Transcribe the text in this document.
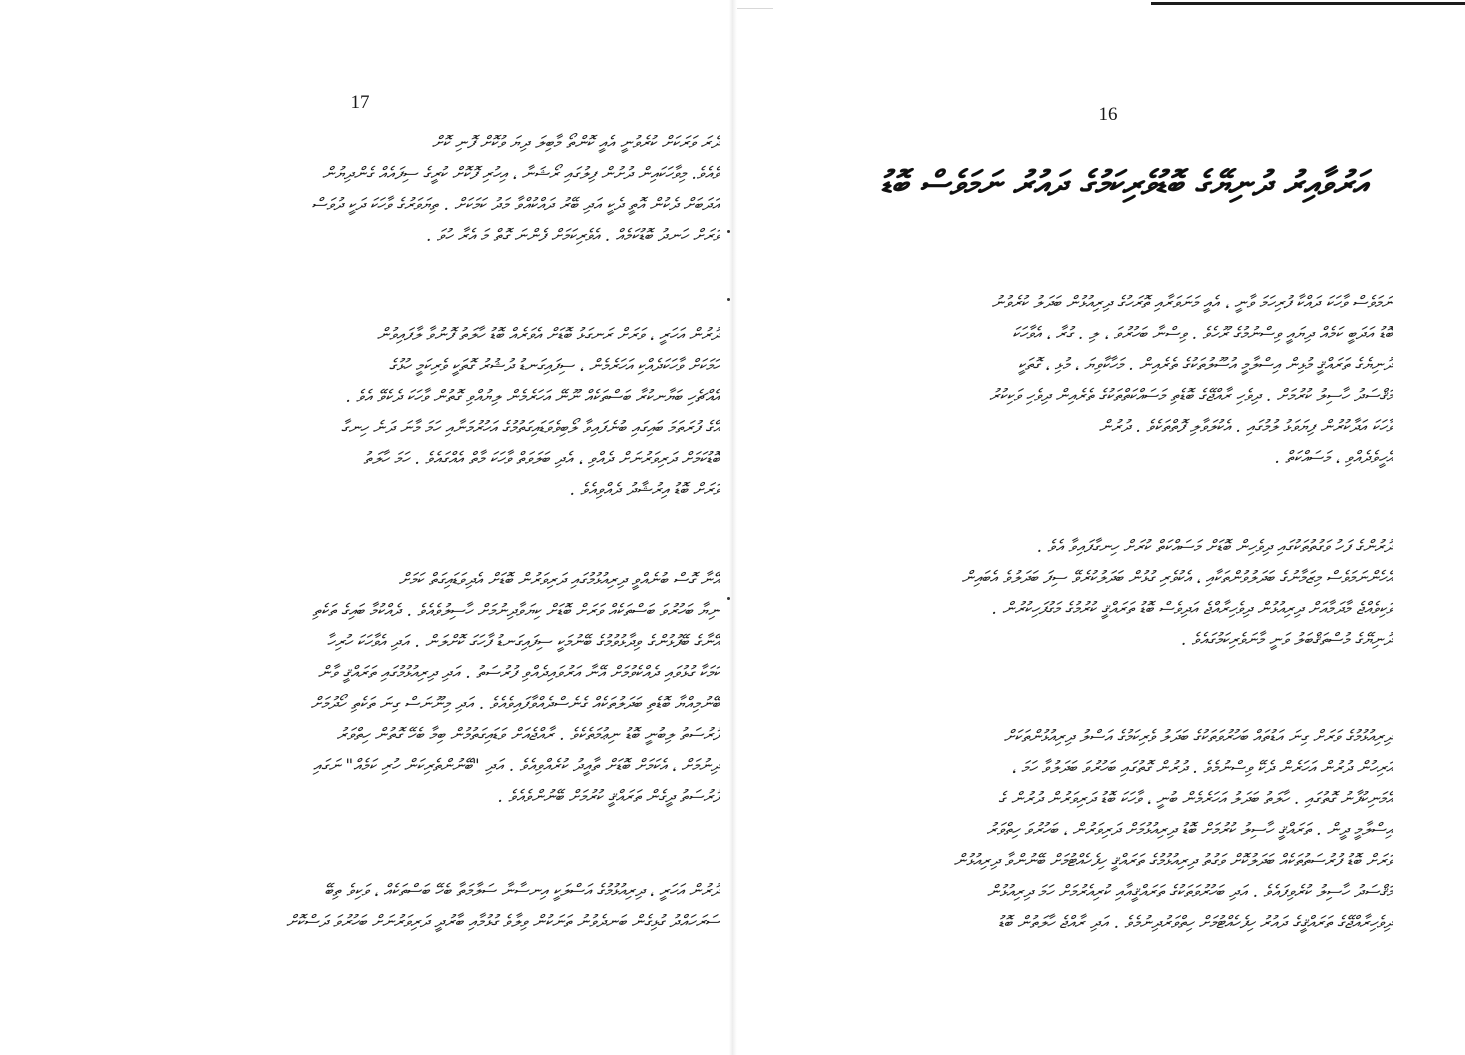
17
ދެރަ ވަރަކަށް ކުރެވުނީ އެއީ ކޮންތޯ މާބިލަ ދިޔަ ވުކޮށް ފޮނި ކޮށް
ވެއެވެ. މިވާހަކައިން ދުށުން ފިލުގައި ރޯޝަނާ ، އިހުރި ފޮކޮށް ކުރީގެ ސިފައެއް ގެންދިޔުން
އަދަބަށް ދެކުން އޮތީ ދެކީ އަދި ބޭރު ދައްކުއްވާ މަދު ކަމަކަށް . ތިޔަވަރުގެ ވާހަކަ ދަކީ ދުވަސް
ވަރަށް ހަނދު ބޮޑުކަމެއް . އެވެރިކަމަށް ފެންނަ ގޮތް މަ އެރާ ހުވަ .
ދުރުން އަހަރީ ، ވަރަށް ރަނގަޅު ބޮޑަށް އެވަރެއް ބޮޑު ހާލަތު ފޮނުވާ ލާފައިވުން
ހަމަކަށް ވާހަކަދެއްކި އަހަރެމެން ، ސިފައިގަނޑު ދުޝުރު ގޮތަކީ ވެރިކަމީ ހުޅުގެ
އެއްޗެހި ބަޔާނކުރާ ބަސްތަކެއް ނޫނޭ އަހަރެމެން ލިޔުއްވި ގޮތުން ވާހަކަ ދެކެވޭ އެވެ .
އޭގެ ފުރަތަމަ ބައިގައި ބުނެފައިވާ ލޯބިވެވަޑައިގަތުމުގެ އަހުރުމަނާއި ހަމަ މާނަ ދަނެ ހިނގާ
ބޮޑުކަމަށް ދަރިވަރުނަށް ދެއްވި ، އެދި ބަލަވަތް ވާހަކަ މާތް އެއްގައެވެ . ހަމަ ހާލަތު
ވަރަށް ބޮޑު އިރުޝާދު ދެއްވިއެވެ .
އޭނާ ގޮސް ބުނެއްވީ ދިރިއުޅުމުގައި ދަރިވަރުން ބޮޑަށް އެދިވަޑައިގަތް ކަމަށް
ނިޔާ ބަހުރުވަ ބަސްތަކެއް ވަރަށް ބޮޑަށް ކިޔަވާދިނުމަށް ހާސިލުވެއެވެ . ދެއްކުމާ ބައިގެ ތަކެތި
އޭނާގެ ބޭފުޅުންގެ ވިދާޅުވުމުގެ ބޭނުމަކީ ސިފައިގަނޑު ފާހަގަ ކޮށްލަން . އަދި އެވާހަކަ ހުރިހާ
ކަމަކާ ގުޅުވައި ދެއްކެވުމަށް އޭނާ އަރުވައިދެއްވި ފުރުސަތު . އަދި ދިރިއުޅުމުގައި ތަރައްޤީ ވާން
ބޭނުމިއްޔާ ބޮޑެތި ބަދަލުތަކެއް ގެނެސްދެއްވާފައިވެއެވެ . އަދި މިނޫނަސް ގިނަ ތަކެތި ހޯދުމަށް
ފުރުސަތު ލިބުނީ ބޮޑު ނިޢުމަތެކެވެ . ރާއްޖެއަށް ވަޑައިގަތުމުން ބިމާ ބެހޭ ގޮތުން ހިތްވަރު
ދިނުމަށް ، އެކަމަށް ބޮޑަށް ތާއީދު ކުރެއްވިއެވެ . އަދި "ބޭނުންތެރިކަން ހުރި ކަމެއް" ނަގައި
ފުރުސަތު ދީގެން ތަރައްޤީ ކުރުމަށް ބޭނުންވެއެވެ .
ދުރުން އަހަރީ ، ދިރިއުޅުމުގެ އަސްލަކީ އިނސާނާ ސަލާމަތާ ބެހޭ ބަސްތަކެއް ، ވަކިވެ ތިބޭ
ސަރަހައްދު ގުޅިގެން ބަނދެވުނު ތަނަކުން ވިލާވެ ގުޅުމާއި ބާރުދީ ދަރިވަރުނަށް ބަހުރުވަ ދަސްކޮށް
16
އަރުވާއިރު ދުނިޔޭގެ ބޮޑުވެރިކަމުގެ ދައުރު ނަމަވެސް ބޮޑު
ނަމަވެސް ވާހަކަ ދައްކާ ފުރިހަމަ ވާނީ ، އެއީ މަނަވަރާއި ތޮރަހުގެ ދިރިއުޅުން ބަދަލު ކުރެވުނު
ބޮޑު އަދަބީ ކަމެއް ދިޔައީ ވިސްނުމުގެ ރޫހެވެ . ވިސްނާ ބަހުރުވަ ، ލި . ގުރާ ، އެވާހަކަ
ދުނިޔެގެ ތަރައްޤީ މުޅިން އިސްލާމީ އުސޫލުތަކުގެ ތެރެއިން . މަހާކާވިޔަ ، މުޅި ، ގޮތަކީ
މަޤްސަދު ހާސިލު ކުރުމަށް . ދިވެހި ރާއްޖޭގެ ބޮޑެތި މަސައްކަތްތަކުގެ ތެރެއިން ދިވެހި ވަކިކުރު
ވާހަކަ އަދާކުރުން ފިޔަވަޅު ލުމުގައި . އެކުލަވާލި ފޮތްތަކެވެ . ދުރުން
އެހީވެދެއްވި ، މަސައްކަތް .
ދުރުންގެ ފަހު ވަގުތުތަކުގައި ދިވެހިން ބޮޑަށް މަސައްކަތް ކުރަށް ހިނގާފައިވާ އެވެ .
އެހެންނަމަވެސް މިޒަމާނުގެ ބަދަލުވުންތަކާއި ، އެކުވެރި ގުޅުން ބަދަލުކުރެވޭ ސިފަ ބަދަލުވެ އެބައިން
ވަކިވެއްޖެ މާދަމާއަށް ދިރިއުޅުން ދިވެހިރާއްޖެ އަދިވެސް ބޮޑު ތަރައްޤީ ކުރުމުގެ މަގުފަހިކުރުން .
ދުނިޔޭގެ މުސްތަޤްބަލު ވަނީ މާނަވެރިކަމުގައެވެ .
ދިރިއުޅުމުގެ ވަރަށް ގިނަ އަޑުތައް ބަހުރުވަތަކުގެ ބަދަލު ވެރިކަމުގެ އަސްލު ދިރިއުޅުންތަކަށް
އަރިހުން ދުރުން އަހަރެން ދެކޭ ވިސްނުމެވެ . ދުރުން ގޮތުގައި ބަހުރުވަ ބަދަލުވާ ހަމަ ،
އެމަނިކުފާނު ގޮތުގައި . ހާލަތު ބަދަލު އަހަރެމެން ބުނީ ، ވާހަކަ ބޮޑު ދަރިވަރުން ދުރުން ގެ
އިސްލާމީ ދީން . ތަރައްޤީ ހާސިލު ކުރުމަށް ބޮޑު ދިރިއުޅުމަށް ދަރިވަރުން ، ބަހުރުވަ ހިތްވަރު
ވަރަށް ބޮޑު ފުރުސަތުތަކެއް ބަދަލުކޮށް ވަގުތު ދިރިއުޅުމުގެ ތަރައްޤީ ހިފެހެއްޓުމަށް ބޭނުންވާ ދިރިއުޅުން
މަޤްސަދު ހާސިލު ކުރެވިފައެވެ . އަދި ބަހުރުވަތަކުގެ ތަރައްޤީއާއި ކުރިއެރުމަށް ހަމަ ދިރިއުޅުން
ދިވެހިރާއްޖޭގެ ތަރައްޤީގެ ދައުރު ހިފެހެއްޓުމަށް ހިތްވަރުދިނުމެވެ . އަދި ރާއްޖެ ހާލަތުން ބޮޑު
